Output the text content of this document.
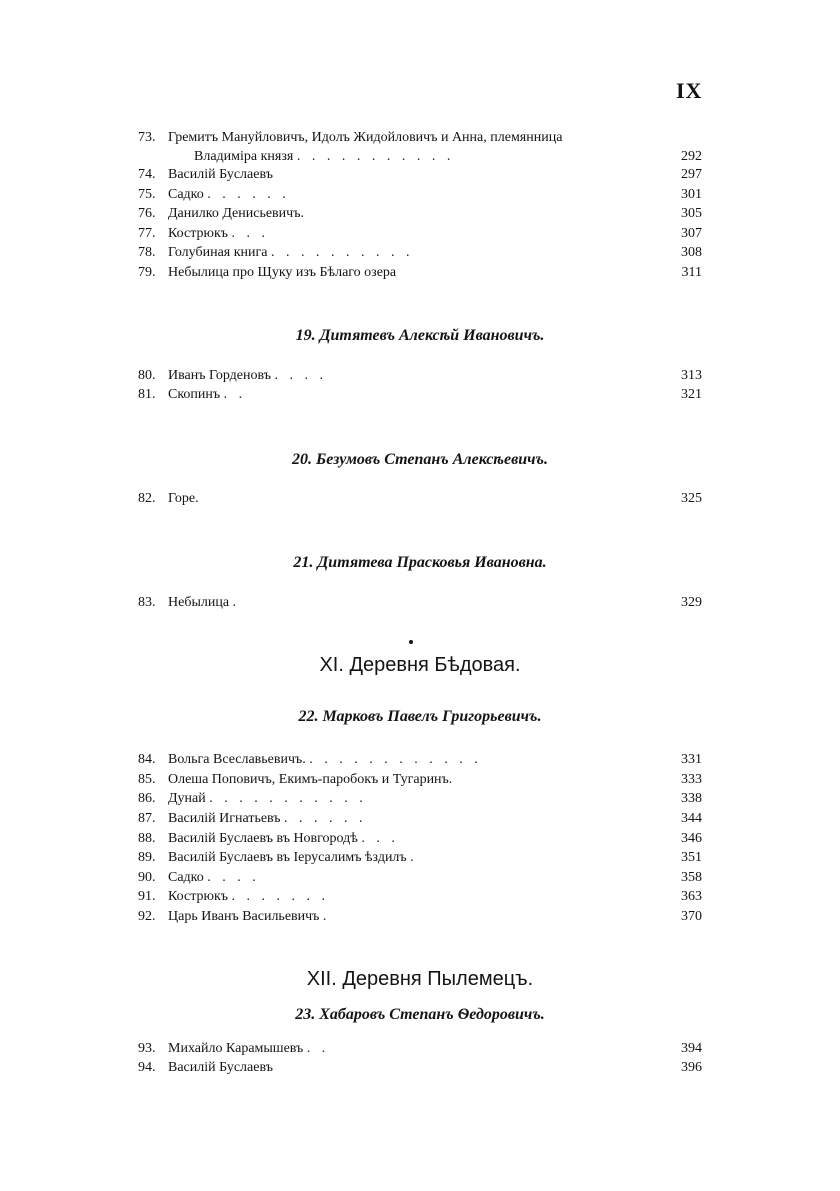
IX
73. Гремитъ Мануйловичъ, Идолъ Жидойловичъ и Анна, племянница
Владиміра князя . . . . . . . . . . .	292
74. Василій Буслаевъ	297
75. Садко . . . . . .	301
76. Данилко Денисьевичъ.	305
77. Кострюкъ . . .	307
78. Голубиная книга . . . . . . . . . .	308
79. Небылица про Щуку изъ Бѣлаго озера	311
19. Дитятевъ Алексѣй Ивановичъ.
80. Иванъ Горденовъ . . . .	313
81. Скопинъ . .	321
20. Безумовъ Степанъ Алексѣевичъ.
82. Горе.	325
21. Дитятева Прасковья Ивановна.
83. Небылица .	329
XI. Деревня Бѣдовая.
22. Марковъ Павелъ Григорьевичъ.
84. Вольга Всеславьевичъ. . . . . . . . . . . . .	331
85. Олеша Поповичъ, Екимъ-паробокъ и Тугаринъ.	333
86. Дунай . . . . . . . . . . .	338
87. Василій Игнатьевъ . . . . . .	344
88. Василій Буслаевъ въ Новгородѣ . . .	346
89. Василій Буслаевъ въ Іерусалимъ ѣздилъ .	351
90. Садко . . . .	358
91. Кострюкъ . . . . . . .	363
92. Царь Иванъ Васильевичъ .	370
XII. Деревня Пылемецъ.
23. Хабаровъ Степанъ Ѳедоровичъ.
93. Михайло Карамышевъ . .	394
94. Василій Буслаевъ	396
